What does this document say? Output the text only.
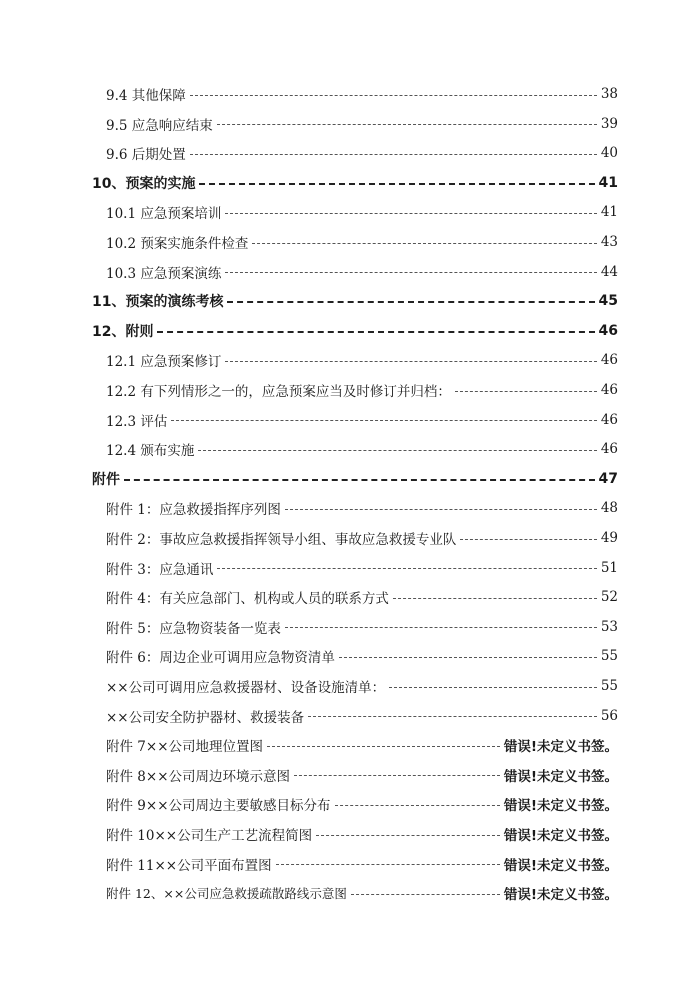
9.4 其他保障	38
9.5 应急响应结束	39
9.6 后期处置	40
10、预案的实施	41
10.1 应急预案培训	41
10.2 预案实施条件检查	43
10.3 应急预案演练	44
11、预案的演练考核	45
12、附则	46
12.1 应急预案修订	46
12.2 有下列情形之一的，应急预案应当及时修订并归档：	46
12.3 评估	46
12.4 颁布实施	46
附件	47
附件 1：应急救援指挥序列图	48
附件 2：事故应急救援指挥领导小组、事故应急救援专业队	49
附件 3：应急通讯	51
附件 4：有关应急部门、机构或人员的联系方式	52
附件 5：应急物资装备一览表	53
附件 6：周边企业可调用应急物资清单	55
××公司可调用应急救援器材、设备设施清单：	55
××公司安全防护器材、救援装备	56
附件 7××公司地理位置图	错误!未定义书签。
附件 8××公司周边环境示意图	错误!未定义书签。
附件 9××公司周边主要敏感目标分布	错误!未定义书签。
附件 10××公司生产工艺流程简图	错误!未定义书签。
附件 11××公司平面布置图	错误!未定义书签。
附件 12、××公司应急救援疏散路线示意图	错误!未定义书签。
